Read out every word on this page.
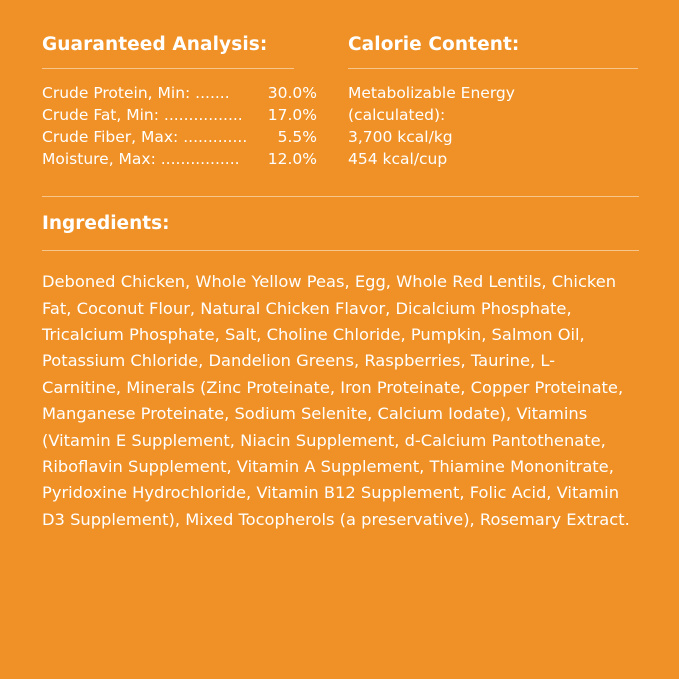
Guaranteed Analysis:
Crude Protein, Min: ....... 30.0%
Crude Fat, Min: ................ 17.0%
Crude Fiber, Max: ............. 5.5%
Moisture, Max: ................ 12.0%
Calorie Content:
Metabolizable Energy
(calculated):
3,700 kcal/kg
454 kcal/cup
Ingredients:
Deboned Chicken, Whole Yellow Peas, Egg, Whole Red Lentils, Chicken Fat, Coconut Flour, Natural Chicken Flavor, Dicalcium Phosphate, Tricalcium Phosphate, Salt, Choline Chloride, Pumpkin, Salmon Oil, Potassium Chloride, Dandelion Greens, Raspberries, Taurine, L-Carnitine, Minerals (Zinc Proteinate, Iron Proteinate, Copper Proteinate, Manganese Proteinate, Sodium Selenite, Calcium Iodate), Vitamins (Vitamin E Supplement, Niacin Supplement, d-Calcium Pantothenate, Riboflavin Supplement, Vitamin A Supplement, Thiamine Mononitrate, Pyridoxine Hydrochloride, Vitamin B12 Supplement, Folic Acid, Vitamin D3 Supplement), Mixed Tocopherols (a preservative), Rosemary Extract.
